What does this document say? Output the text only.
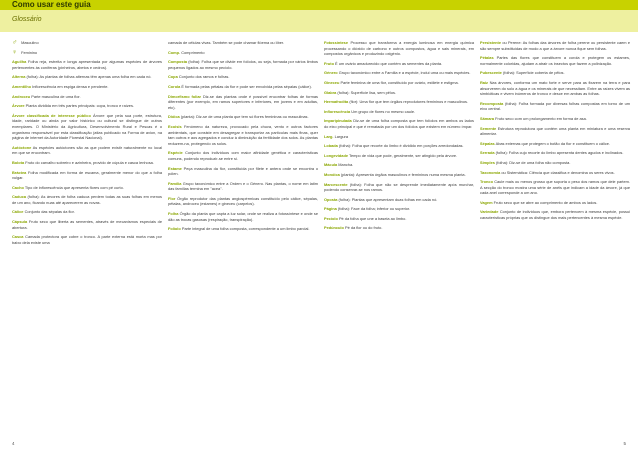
Como usar este guia
Glossário
♂ Masculino
♀ Feminino
Aguilha Folha reja, estreita e longa apresentada por algumas espécies de árvores pertencentes às coníferas (pinheiros, abetos e cedros).
Alterna (folha): As plantas de folhas alternas têm apenas uma folha em cada nó.
Amentilho Inflorescência em espiga densa e pendente.
Androceu Parte masculina de uma flor.
Árvore Planta dividida em três partes principais: copa, tronco e raízes.
Árvore classificada de interesse público Árvore que pela sua porte, estrutura, idade, raridade ou ainda por valor histórico ou cultural se distingue de outros exemplares. O Ministério da Agricultura, Desenvolvimento Rural e Pescas é o organismo responsável por esta classificação (atlas publicado na Forma de avion, na página de internet da Autoridade Florestal Nacional).
Autóctone As espécies autóctones são as que podem existir naturalmente no local em que se encontram.
Bolota Fruto do carvalho sobreiro e azinheira, provido de cúpula e casca lenhosa.
Bráctea Folha modificada em forma de escama, geralmente menor do que a folha vulgar.
Cacho Tipo de inflorescência que apresenta flores com pé curto.
Caduca (folha): As árvores de folha caduca perdem todas as suas folhas em menos de um ano, ficando nuas até aparecerem as novas.
Cálice Conjunto das sépalas da flor.
Cápsula Fruto seco que liberta as sementes, através de mecanismos especiais de abertura.
Casca Camada protectora que cobre o tronco. A parte externa está morta mas por baixo dela existe uma
camada de células vivas. Também se pode chamar flóema ou líber.
Comp. Comprimento
Composta (folha): Folha que se divide em folíolos, ou seja, formada por vários limbos pequenos ligados ao mesmo pecíolo.
Copa Conjunto dos ramos e folhas.
Corola É formada pelas pétalas da flor e pode ser envolvida pelas sépalas (cálice).
Dimorfismo foliar Diz-se das plantas onde é possível encontrar folhas de formas diferentes (por exemplo, em ramos superiores e inferiores, em jovens e em adultas, etc).
Dióica (planta): Diz-se de uma planta que tem só flores femininas ou masculinas.
Ecoisis Fenómeno da natureza, provocado pela chuva, vento e outros factores ambientais, que consiste em desagregar e transportar as partículas mais finas, quer tam outros e aos agregados e conduz à diminuição da fertilidade dos solos. As plantas reduzem-na, protegendo os solos.
Espécie Conjunto dos indivíduos com maior afinidade genética e características comuns, podendo reproduzir-se entre si.
Estame Peça masculina da flor, constituída por filete e antera onde se encontra o pólen.
Família Grupo taxonómico entre a Ordem e o Género. Nas plantas, o nome em latim das famílias termina em "acea".
Flor Órgão reprodutor das plantas angiospérmicas constituído pelo cálice, sépalas, pétalas, androceu (estames) e gineceu (carpelos).
Folha Órgão da planta que capta a luz solar, onde se realiza a fotossíntese e onde se dão as trocas gasosas (respiração, transpiração).
Folíolo Parte integral de uma folha composta, correspondente a um limbo parcial.
Fotossíntese Processo que transforma a energia luminosa em energia química processando o dióxido de carbono e outros compostos, água e sais minerais, em compostos orgânicos e produzindo oxigénio.
Fruto É um ovário amadurecido que contém as sementes da planta.
Género Grupo taxonómico entre a Família e a espécie, inclui uma ou mais espécies.
Gineceu Parte feminina de uma flor, constituído por ovário, estilete e estigma.
Glabra (folha): Superfície lisa, sem pêlos.
Hermafrodita (flor): Uma flor que tem órgãos reprodutores femininos e masculinos.
Inflorescência Um grupo de flores no mesmo caule.
Imparipinulada Diz-se de uma folha composta que tem folíolos em ambos os lados do eixo principal e que é rematada por um dos folíolos que existem em número ímpar.
Larg. Largura
Lobada (folha): Folha que recorte do limbo é dividido em porções arredondadas.
Longevidade Tempo de vida que pode, geralmente, ser atingido pela árvore.
Mácula Mancha.
Monóica (planta): Apresenta órgãos masculinos e femininos numa mesma planta.
Marcescente (folha): Folha que não se desprende imediatamente após murchar, podendo conservar-se nos ramos.
Oposta (folha): Plantas que apresentam duas folhas em cada nó.
Página (folha): Face da folha; inferior ou superior.
Pecíolo Pé da folha que une a baseia ao limbo.
Pedúnculo Pé da flor ou do fruto.
Persistente ou Perene: As folhas das árvores de folha perene ou persistente caem e são sempre substituídas de modo a que a árvore nunca fique sem folhas.
Pétalas Partes das flores que constituem a corola e protegem os estames, normalmente coloridas, ajudam a atrair os insectos que fazem a polinização.
Pubescente (folha): Superfície coberta de pêlos.
Raiz Nas árvores, conforma um mato forte e serve para as fixarem na terra e para absorverem do solo a água e os minerais de que necessitam. Entre as raízes vivem as simbióticas e vivem inúmeros de tronco e desce em ambas as folhas.
Recomposta (folha): Folha formada por diversas folhas compostas em torno de um eixo central.
Sâmara Fruto seco com um prolongamento em forma de asa.
Semente Estrutura reprodutora que contém uma planta em miniatura e uma reserva alimentar.
Sépalas Abas externas que protegem o botão da flor e constituem o cálice.
Serrada (folha): Folha cujo recorte do limbo apresenta dentes agudos e inclinados.
Simples (folha): Diz-se de uma folha não composta.
Taxonomia ou Sistemática: Ciência que classifica e denomina os seres vivos.
Tronco Caule mais ou menos grosso que suporta o peso dos ramos que dele partem. A secção do tronco mostra uma série de anéis que indicam a idade da árvore, já que cada anel corresponde a um ano.
Vagem Fruto seco que se abre ao comprimento de ambos os lados.
Variedade Conjunto de indivíduos que, embora pertencem à mesma espécie, possui características próprias que os distingue dos mais pertencentes à mesma espécie.
4	5
